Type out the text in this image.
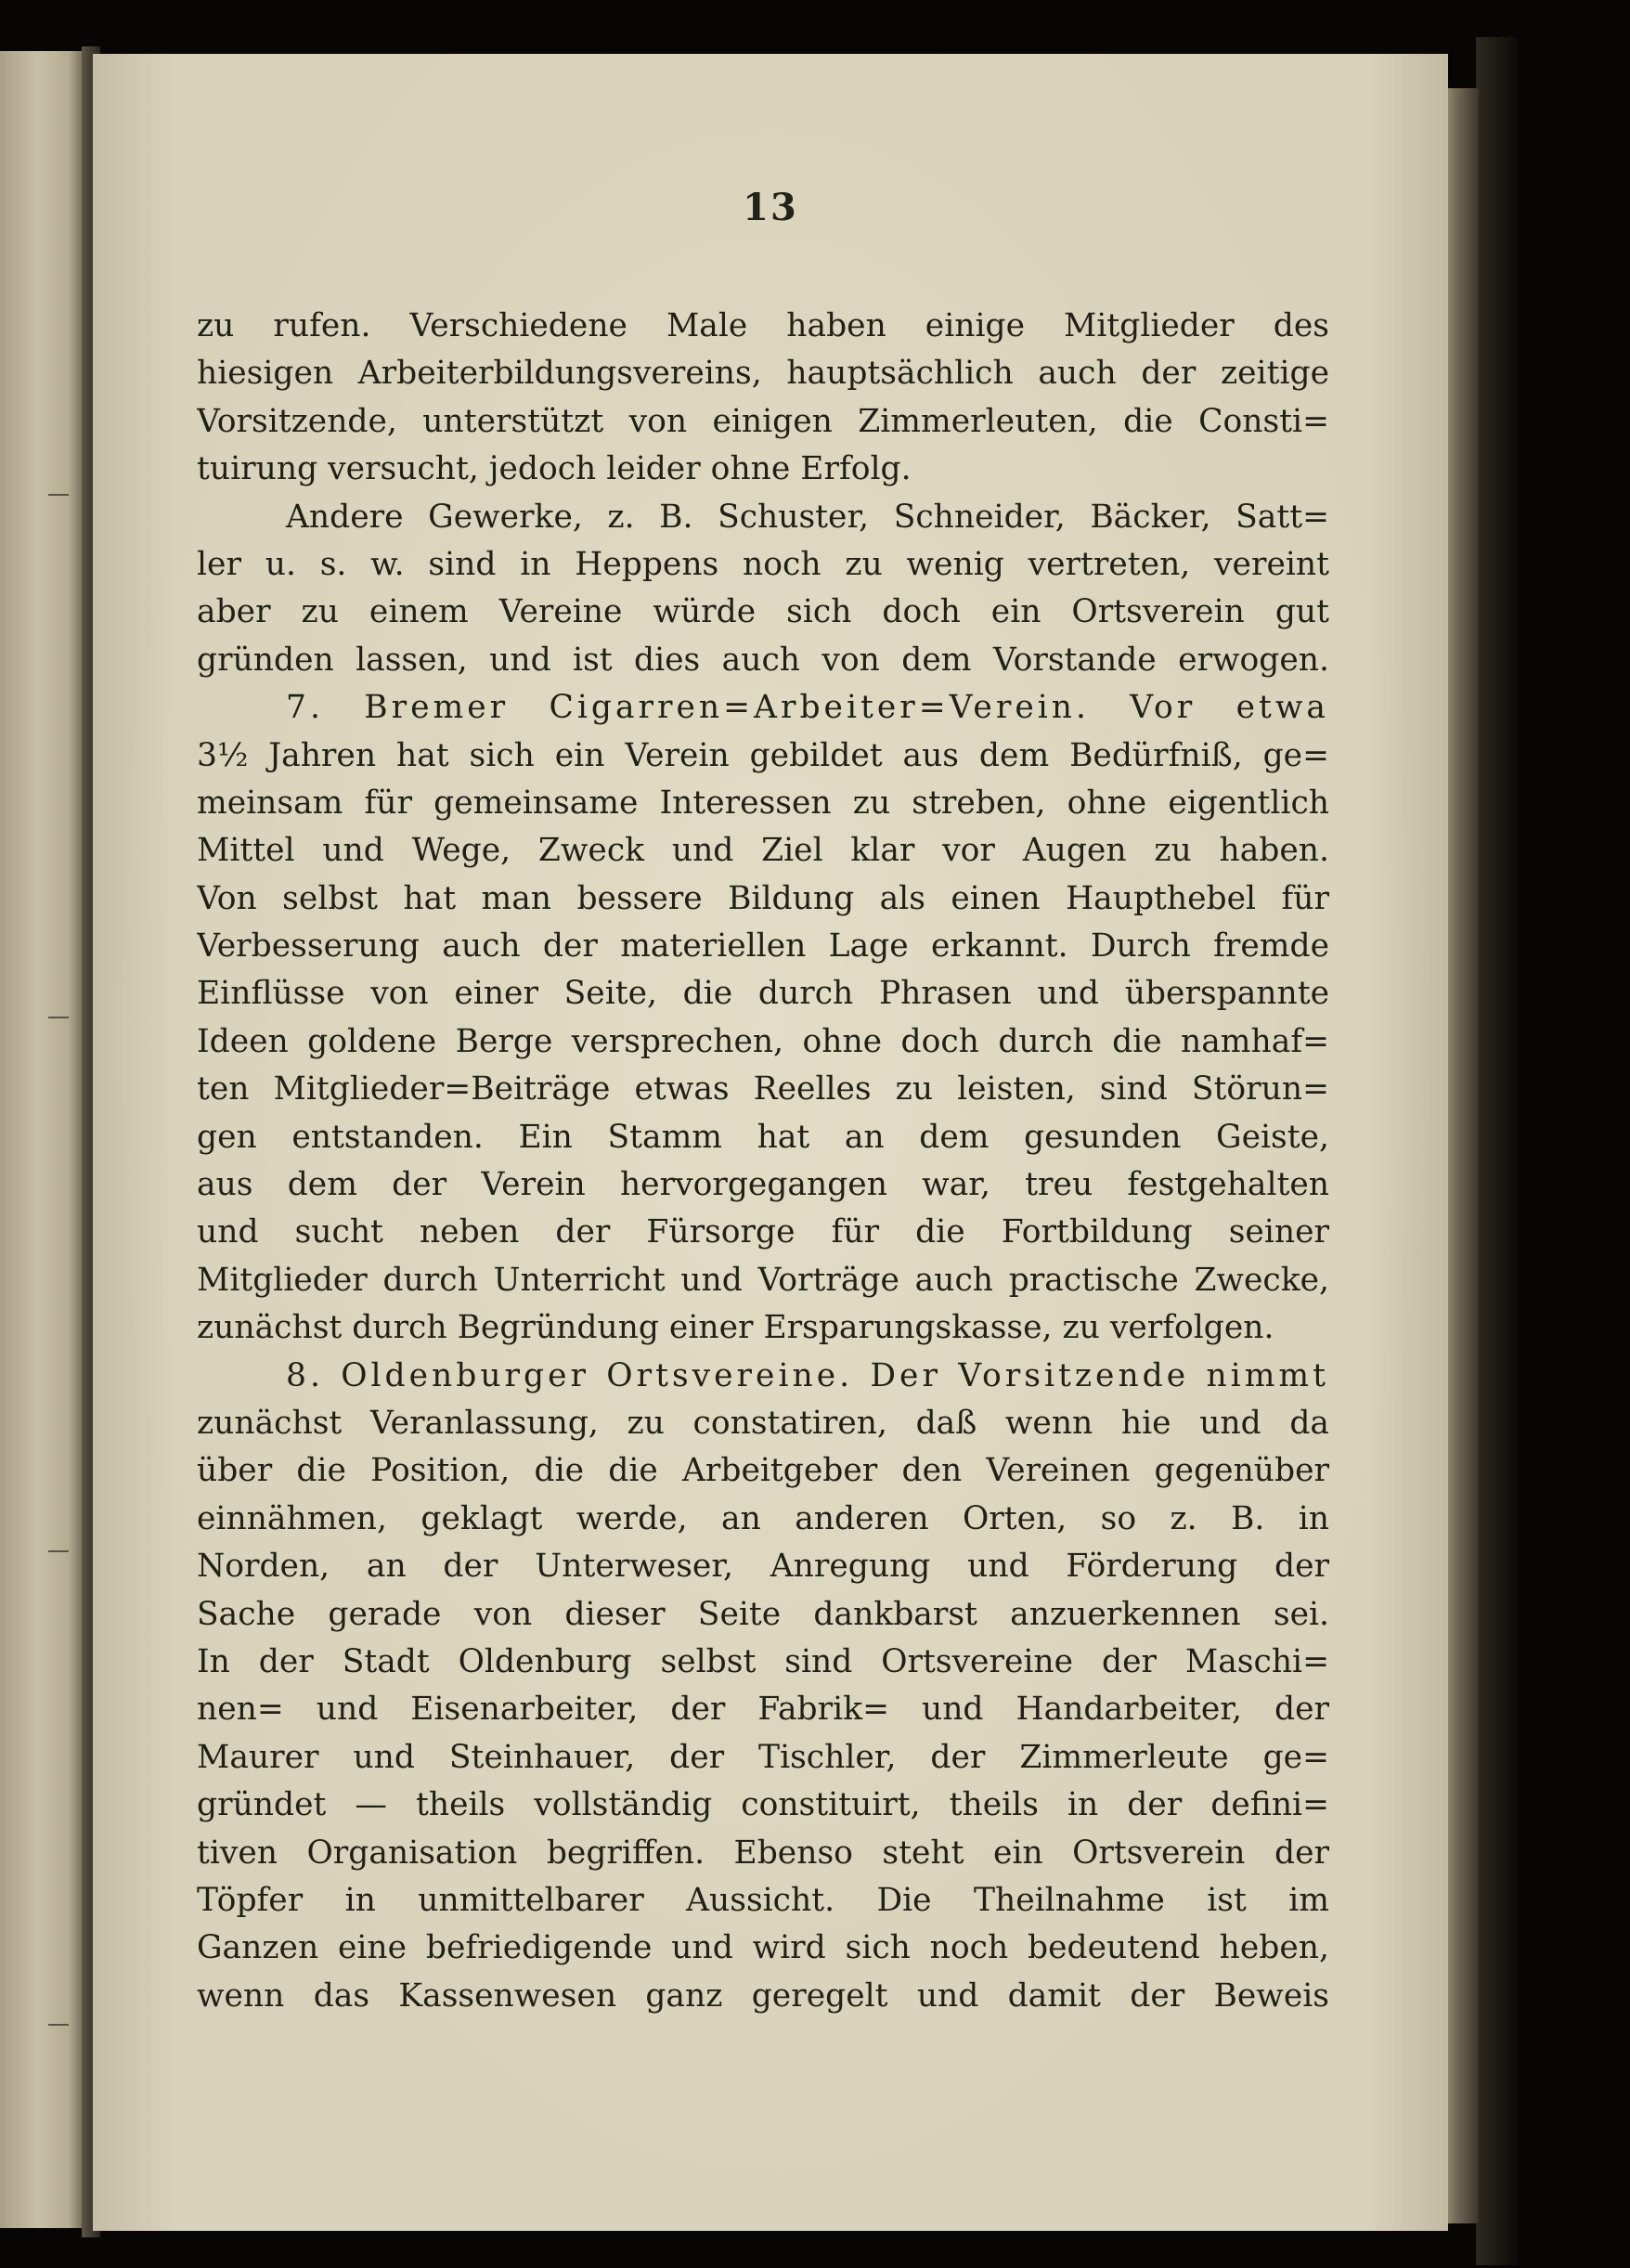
13
zu rufen. Verschiedene Male haben einige Mitglieder des
hiesigen Arbeiterbildungsvereins, hauptsächlich auch der zeitige
Vorsitzende, unterstützt von einigen Zimmerleuten, die Consti=
tuirung versucht, jedoch leider ohne Erfolg.
Andere Gewerke, z. B. Schuster, Schneider, Bäcker, Satt=
ler u. s. w. sind in Heppens noch zu wenig vertreten, vereint
aber zu einem Vereine würde sich doch ein Ortsverein gut
gründen lassen, und ist dies auch von dem Vorstande erwogen.
7. Bremer Cigarren=Arbeiter=Verein. Vor etwa
3½ Jahren hat sich ein Verein gebildet aus dem Bedürfniß, ge=
meinsam für gemeinsame Interessen zu streben, ohne eigentlich
Mittel und Wege, Zweck und Ziel klar vor Augen zu haben.
Von selbst hat man bessere Bildung als einen Haupthebel für
Verbesserung auch der materiellen Lage erkannt. Durch fremde
Einflüsse von einer Seite, die durch Phrasen und überspannte
Ideen goldene Berge versprechen, ohne doch durch die namhaf=
ten Mitglieder=Beiträge etwas Reelles zu leisten, sind Störun=
gen entstanden. Ein Stamm hat an dem gesunden Geiste,
aus dem der Verein hervorgegangen war, treu festgehalten
und sucht neben der Fürsorge für die Fortbildung seiner
Mitglieder durch Unterricht und Vorträge auch practische Zwecke,
zunächst durch Begründung einer Ersparungskasse, zu verfolgen.
8. Oldenburger Ortsvereine. Der Vorsitzende nimmt
zunächst Veranlassung, zu constatiren, daß wenn hie und da
über die Position, die die Arbeitgeber den Vereinen gegenüber
einnähmen, geklagt werde, an anderen Orten, so z. B. in
Norden, an der Unterweser, Anregung und Förderung der
Sache gerade von dieser Seite dankbarst anzuerkennen sei.
In der Stadt Oldenburg selbst sind Ortsvereine der Maschi=
nen= und Eisenarbeiter, der Fabrik= und Handarbeiter, der
Maurer und Steinhauer, der Tischler, der Zimmerleute ge=
gründet — theils vollständig constituirt, theils in der defini=
tiven Organisation begriffen. Ebenso steht ein Ortsverein der
Töpfer in unmittelbarer Aussicht. Die Theilnahme ist im
Ganzen eine befriedigende und wird sich noch bedeutend heben,
wenn das Kassenwesen ganz geregelt und damit der Beweis
